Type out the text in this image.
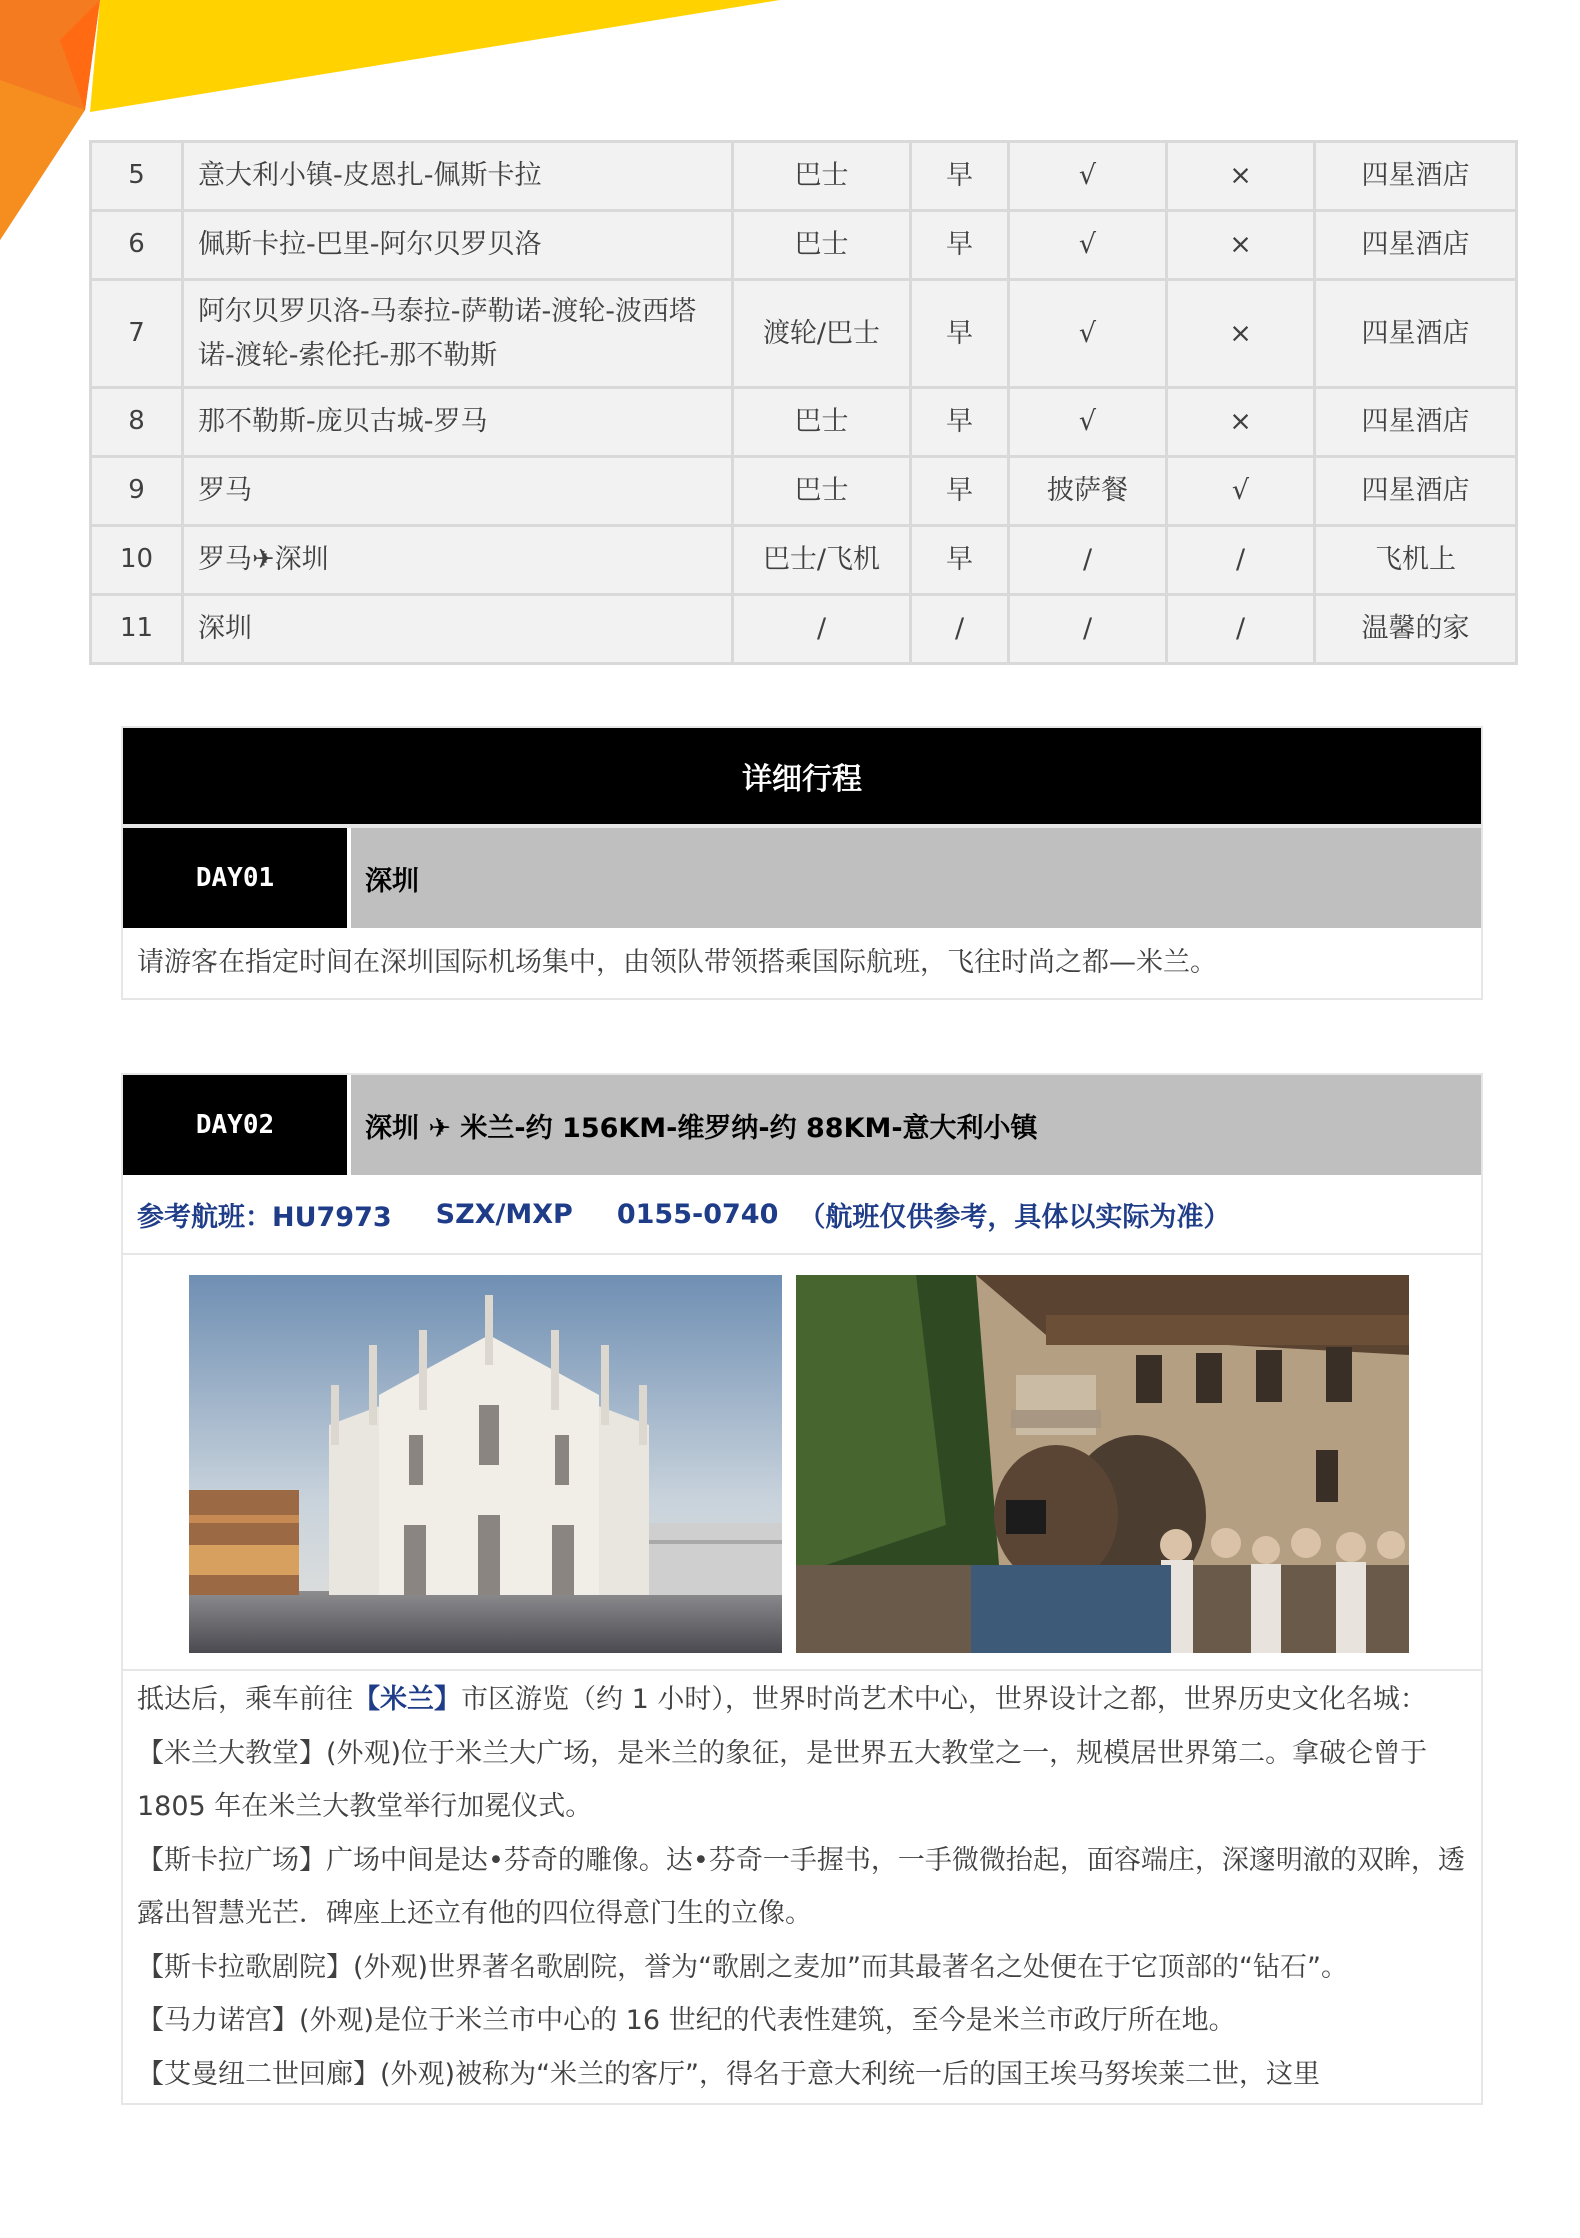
5	意大利小镇-皮恩扎-佩斯卡拉	巴士	早	√	×	四星酒店
6	佩斯卡拉-巴里-阿尔贝罗贝洛	巴士	早	√	×	四星酒店
7	阿尔贝罗贝洛-马泰拉-萨勒诺-渡轮-波西塔诺-渡轮-索伦托-那不勒斯	渡轮/巴士	早	√	×	四星酒店
8	那不勒斯-庞贝古城-罗马	巴士	早	√	×	四星酒店
9	罗马	巴士	早	披萨餐	√	四星酒店
10	罗马✈深圳	巴士/飞机	早	/	/	飞机上
11	深圳	/	/	/	/	温馨的家
详细行程
DAY01	深圳
请游客在指定时间在深圳国际机场集中，由领队带领搭乘国际航班，飞往时尚之都—米兰。
DAY02	深圳 ✈ 米兰-约 156KM-维罗纳-约 88KM-意大利小镇
参考航班：HU7973 SZX/MXP 0155-0740 （航班仅供参考，具体以实际为准）

抵达后，乘车前往【米兰】市区游览（约 1 小时），世界时尚艺术中心，世界设计之都，世界历史文化名城：

【米兰大教堂】(外观)位于米兰大广场，是米兰的象征，是世界五大教堂之一，规模居世界第二。拿破仑曾于 1805 年在米兰大教堂举行加冕仪式。

【斯卡拉广场】广场中间是达•芬奇的雕像。达•芬奇一手握书，一手微微抬起，面容端庄，深邃明澈的双眸，透露出智慧光芒．碑座上还立有他的四位得意门生的立像。

【斯卡拉歌剧院】(外观)世界著名歌剧院，誉为“歌剧之麦加”而其最著名之处便在于它顶部的“钻石”。

【马力诺宫】(外观)是位于米兰市中心的 16 世纪的代表性建筑，至今是米兰市政厅所在地。

【艾曼纽二世回廊】(外观)被称为“米兰的客厅”，得名于意大利统一后的国王埃马努埃莱二世，这里
